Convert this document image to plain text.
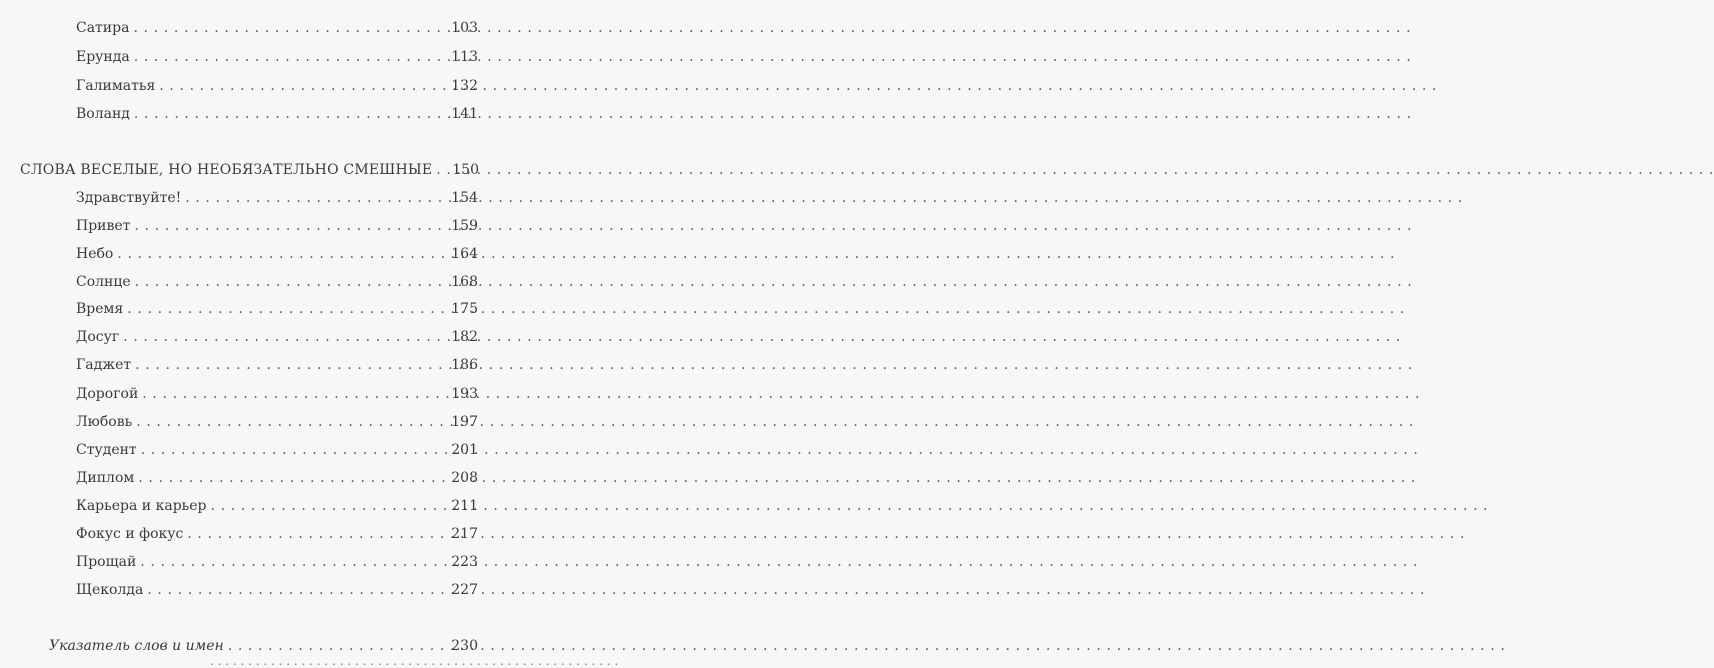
Сатира . . .	103
Ерунда . . .	113
Галиматья . . .	132
Воланд . . .	141
СЛОВА ВЕСЕЛЫЕ, НО НЕОБЯЗАТЕЛЬНО СМЕШНЫЕ . . .	150
Здравствуйте! . . .	154
Привет . . .	159
Небо . . .	164
Солнце . . .	168
Время . . .	175
Досуг . . .	182
Гаджет . . .	186
Дорогой . . .	193
Любовь . . .	197
Студент . . .	201
Диплом . . .	208
Карьера и карьер . . .	211
Фокус и фокус . . .	217
Прощай . . .	223
Щеколда . . .	227
Указатель слов и имен . . .	230
. . . . . . . . . . . . . . . . . . . . . . . . . . . . . . . . . . . . . . . . . . . . . . . . . . . . . .
